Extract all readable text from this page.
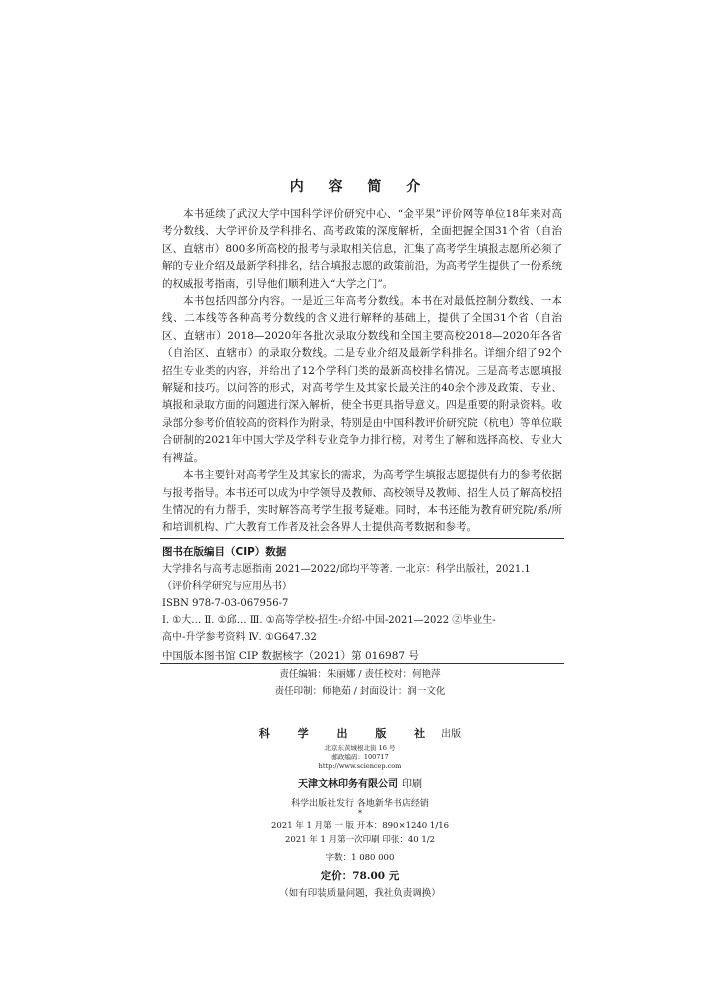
内 容 简 介

本书延续了武汉大学中国科学评价研究中心、“金平果”评价网等单位18年来对高考分数线、大学评价及学科排名、高考政策的深度解析，全面把握全国31个省（自治区、直辖市）800多所高校的报考与录取相关信息，汇集了高考学生填报志愿所必须了解的专业介绍及最新学科排名，结合填报志愿的政策前沿，为高考学生提供了一份系统的权威报考指南，引导他们顺利进入“大学之门”。

本书包括四部分内容。一是近三年高考分数线。本书在对最低控制分数线、一本线、二本线等各种高考分数线的含义进行解释的基础上，提供了全国31个省（自治区、直辖市）2018—2020年各批次录取分数线和全国主要高校2018—2020年各省（自治区、直辖市）的录取分数线。二是专业介绍及最新学科排名。详细介绍了92个招生专业类的内容，并给出了12个学科门类的最新高校排名情况。三是高考志愿填报解疑和技巧。以问答的形式，对高考学生及其家长最关注的40余个涉及政策、专业、填报和录取方面的问题进行深入解析，使全书更具指导意义。四是重要的附录资料。收录部分参考价值较高的资料作为附录，特别是由中国科教评价研究院（杭电）等单位联合研制的2021年中国大学及学科专业竞争力排行榜，对考生了解和选择高校、专业大有裨益。

本书主要针对高考学生及其家长的需求，为高考学生填报志愿提供有力的参考依据与报考指导。本书还可以成为中学领导及教师、高校领导及教师、招生人员了解高校招生情况的有力帮手，实时解答高考学生报考疑难。同时，本书还能为教育研究院/系/所和培训机构、广大教育工作者及社会各界人士提供高考数据和参考。

图书在版编目（CIP）数据
大学排名与高考志愿指南 2021—2022/邱均平等著. 一北京：科学出版社，2021.1
（评价科学研究与应用丛书）
ISBN 978-7-03-067956-7
Ⅰ. ①大… Ⅱ. ①邱… Ⅲ. ①高等学校-招生-介绍-中国-2021—2022 ②毕业生-
高中-升学参考资料 Ⅳ. ①G647.32
中国版本图书馆 CIP 数据核字（2021）第 016987 号
责任编辑：朱丽娜 / 责任校对：何艳萍
责任印制：师艳茹 / 封面设计：润一文化
科 学 出 版 社 出版
北京东黄城根北街 16 号
邮政编码：100717
http://www.sciencep.com
天津文林印务有限公司 印刷
科学出版社发行 各地新华书店经销
*
2021 年 1 月第 一 版 开本：890×1240 1/16
2021 年 1 月第一次印刷 印张：40 1/2
字数：1 080 000
定价：78.00 元
（如有印装质量问题，我社负责调换）
